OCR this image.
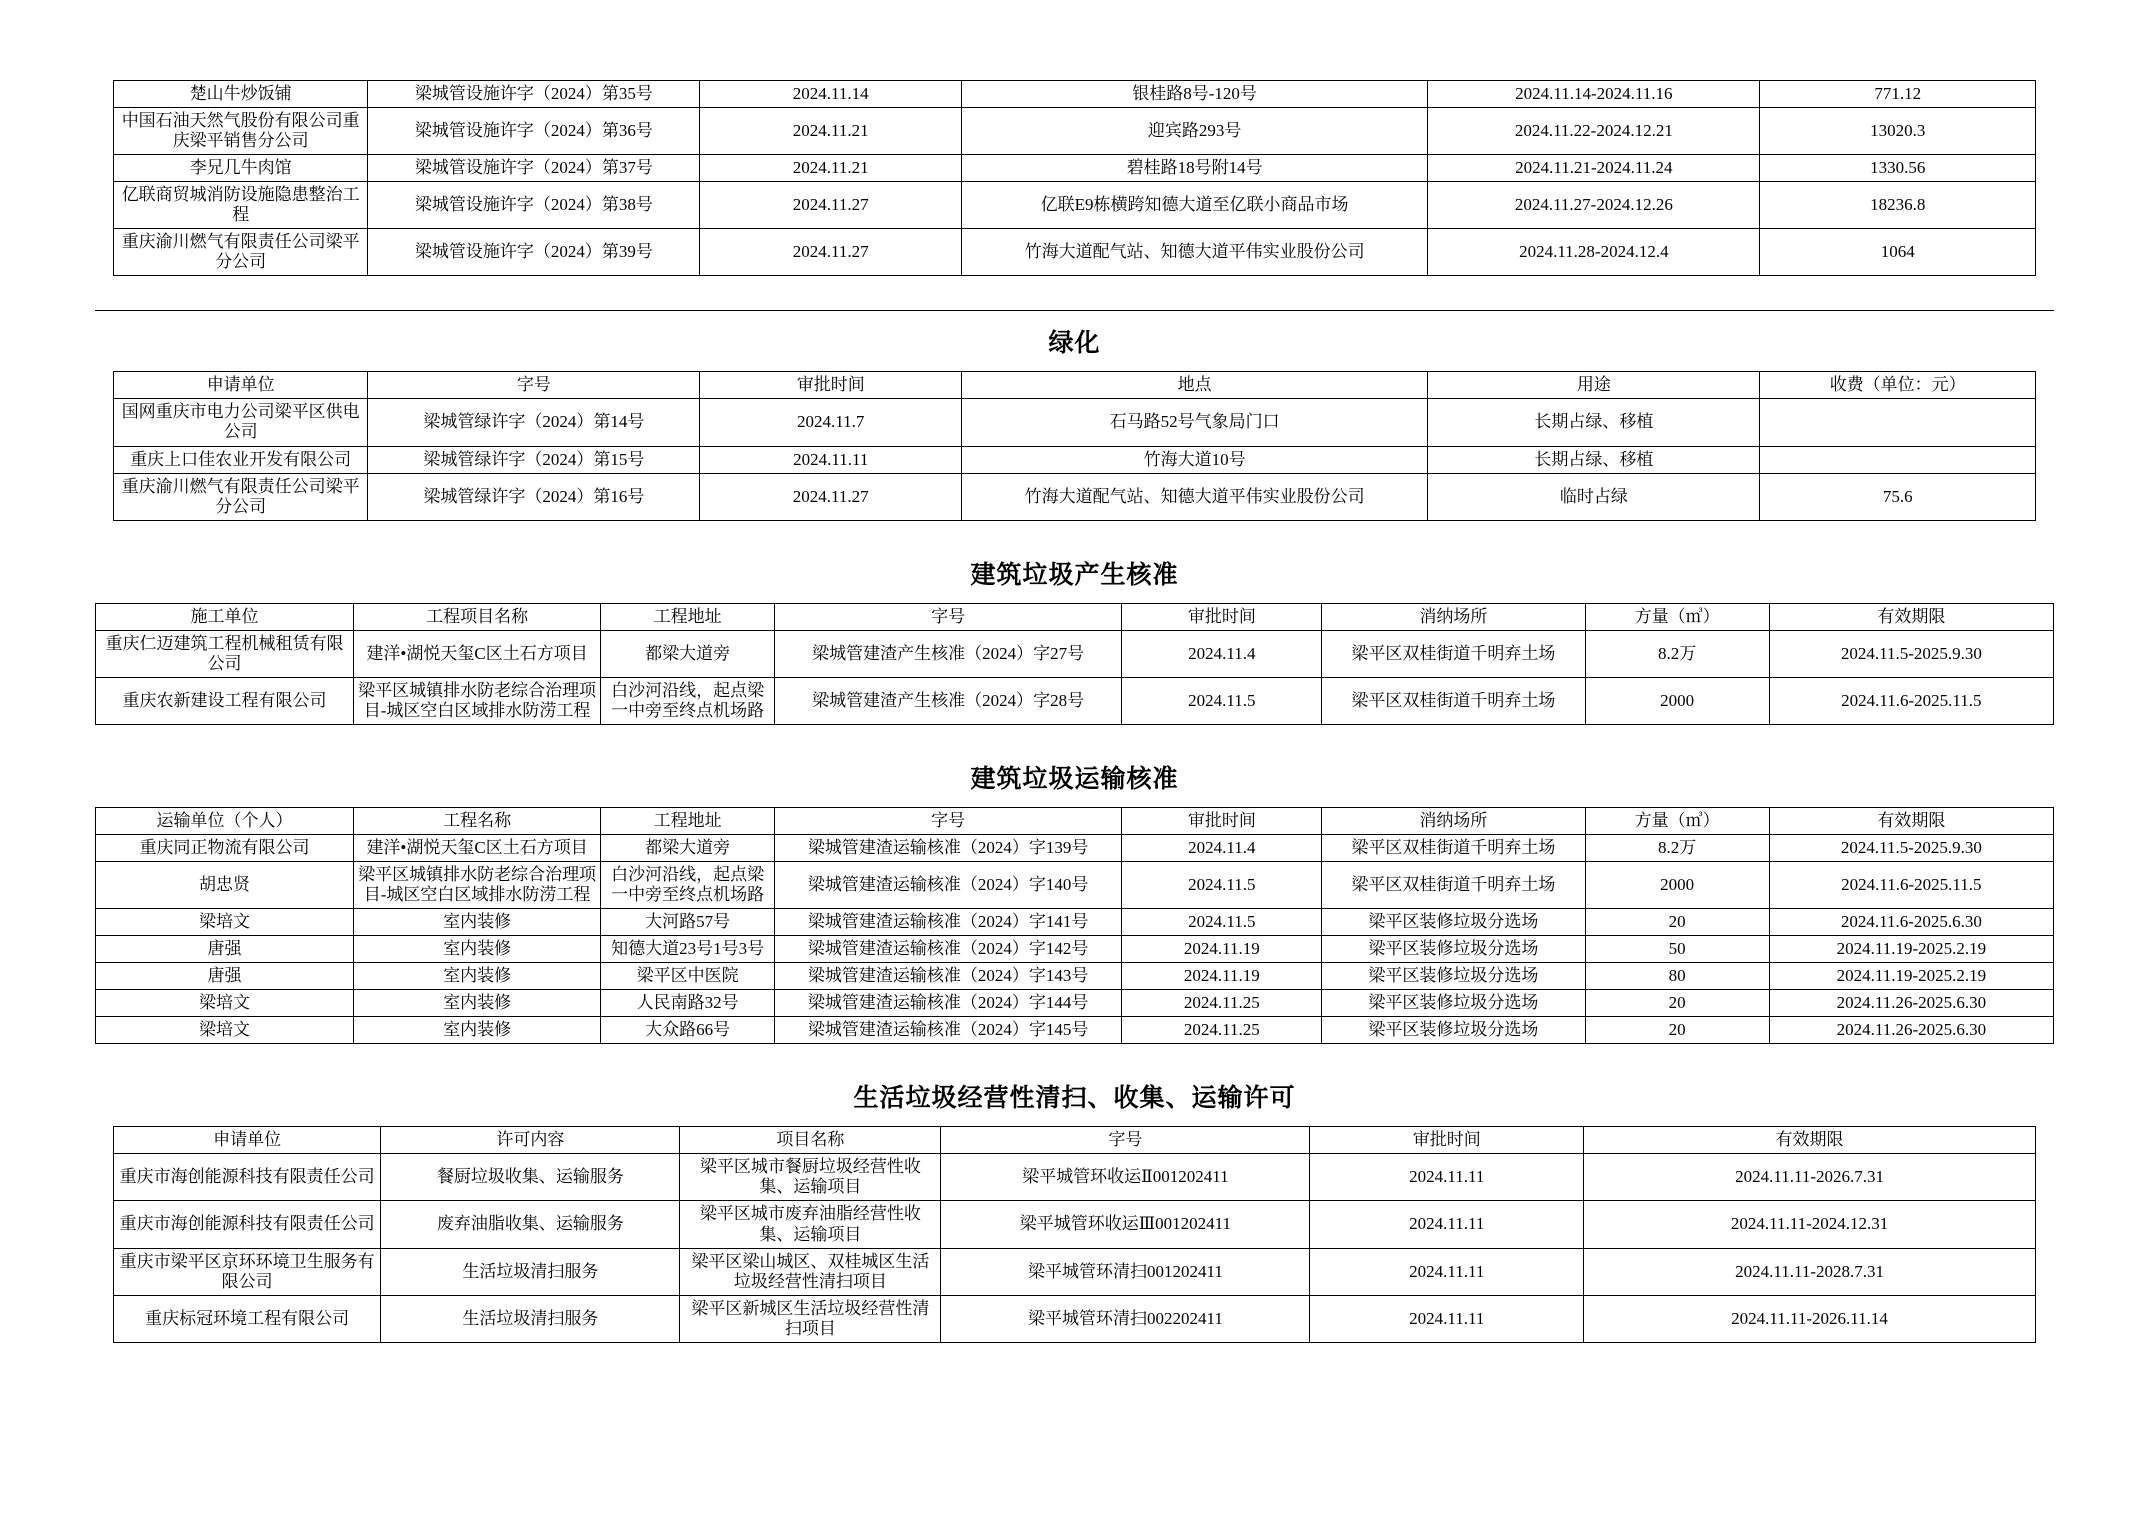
楚山牛炒饭铺	梁城管设施许字（2024）第35号	2024.11.14	银桂路8号-120号	2024.11.14-2024.11.16	771.12
中国石油天然气股份有限公司重庆梁平销售分公司	梁城管设施许字（2024）第36号	2024.11.21	迎宾路293号	2024.11.22-2024.12.21	13020.3
李兄几牛肉馆	梁城管设施许字（2024）第37号	2024.11.21	碧桂路18号附14号	2024.11.21-2024.11.24	1330.56
亿联商贸城消防设施隐患整治工程	梁城管设施许字（2024）第38号	2024.11.27	亿联E9栋横跨知德大道至亿联小商品市场	2024.11.27-2024.12.26	18236.8
重庆渝川燃气有限责任公司梁平分公司	梁城管设施许字（2024）第39号	2024.11.27	竹海大道配气站、知德大道平伟实业股份公司	2024.11.28-2024.12.4	1064
绿化
申请单位	字号	审批时间	地点	用途	收费（单位：元）
国网重庆市电力公司梁平区供电公司	梁城管绿许字（2024）第14号	2024.11.7	石马路52号气象局门口	长期占绿、移植	
重庆上口佳农业开发有限公司	梁城管绿许字（2024）第15号	2024.11.11	竹海大道10号	长期占绿、移植	
重庆渝川燃气有限责任公司梁平分公司	梁城管绿许字（2024）第16号	2024.11.27	竹海大道配气站、知德大道平伟实业股份公司	临时占绿	75.6
建筑垃圾产生核准
施工单位	工程项目名称	工程地址	字号	审批时间	消纳场所	方量（㎥）	有效期限
重庆仁迈建筑工程机械租赁有限公司	建洋•湖悦天玺C区土石方项目	都梁大道旁	梁城管建渣产生核准（2024）字27号	2024.11.4	梁平区双桂街道千明弃土场	8.2万	2024.11.5-2025.9.30
重庆农新建设工程有限公司	梁平区城镇排水防老综合治理项目-城区空白区域排水防涝工程	白沙河沿线，起点梁一中旁至终点机场路	梁城管建渣产生核准（2024）字28号	2024.11.5	梁平区双桂街道千明弃土场	2000	2024.11.6-2025.11.5
建筑垃圾运输核准
运输单位（个人）	工程名称	工程地址	字号	审批时间	消纳场所	方量（㎥）	有效期限
重庆同正物流有限公司	建洋•湖悦天玺C区土石方项目	都梁大道旁	梁城管建渣运输核准（2024）字139号	2024.11.4	梁平区双桂街道千明弃土场	8.2万	2024.11.5-2025.9.30
胡忠贤	梁平区城镇排水防老综合治理项目-城区空白区域排水防涝工程	白沙河沿线，起点梁一中旁至终点机场路	梁城管建渣运输核准（2024）字140号	2024.11.5	梁平区双桂街道千明弃土场	2000	2024.11.6-2025.11.5
梁培文	室内装修	大河路57号	梁城管建渣运输核准（2024）字141号	2024.11.5	梁平区装修垃圾分选场	20	2024.11.6-2025.6.30
唐强	室内装修	知德大道23号1号3号	梁城管建渣运输核准（2024）字142号	2024.11.19	梁平区装修垃圾分选场	50	2024.11.19-2025.2.19
唐强	室内装修	梁平区中医院	梁城管建渣运输核准（2024）字143号	2024.11.19	梁平区装修垃圾分选场	80	2024.11.19-2025.2.19
梁培文	室内装修	人民南路32号	梁城管建渣运输核准（2024）字144号	2024.11.25	梁平区装修垃圾分选场	20	2024.11.26-2025.6.30
梁培文	室内装修	大众路66号	梁城管建渣运输核准（2024）字145号	2024.11.25	梁平区装修垃圾分选场	20	2024.11.26-2025.6.30
生活垃圾经营性清扫、收集、运输许可
申请单位	许可内容	项目名称	字号	审批时间	有效期限
重庆市海创能源科技有限责任公司	餐厨垃圾收集、运输服务	梁平区城市餐厨垃圾经营性收集、运输项目	梁平城管环收运Ⅱ001202411	2024.11.11	2024.11.11-2026.7.31
重庆市海创能源科技有限责任公司	废弃油脂收集、运输服务	梁平区城市废弃油脂经营性收集、运输项目	梁平城管环收运Ⅲ001202411	2024.11.11	2024.11.11-2024.12.31
重庆市梁平区京环环境卫生服务有限公司	生活垃圾清扫服务	梁平区梁山城区、双桂城区生活垃圾经营性清扫项目	梁平城管环清扫001202411	2024.11.11	2024.11.11-2028.7.31
重庆标冠环境工程有限公司	生活垃圾清扫服务	梁平区新城区生活垃圾经营性清扫项目	梁平城管环清扫002202411	2024.11.11	2024.11.11-2026.11.14
